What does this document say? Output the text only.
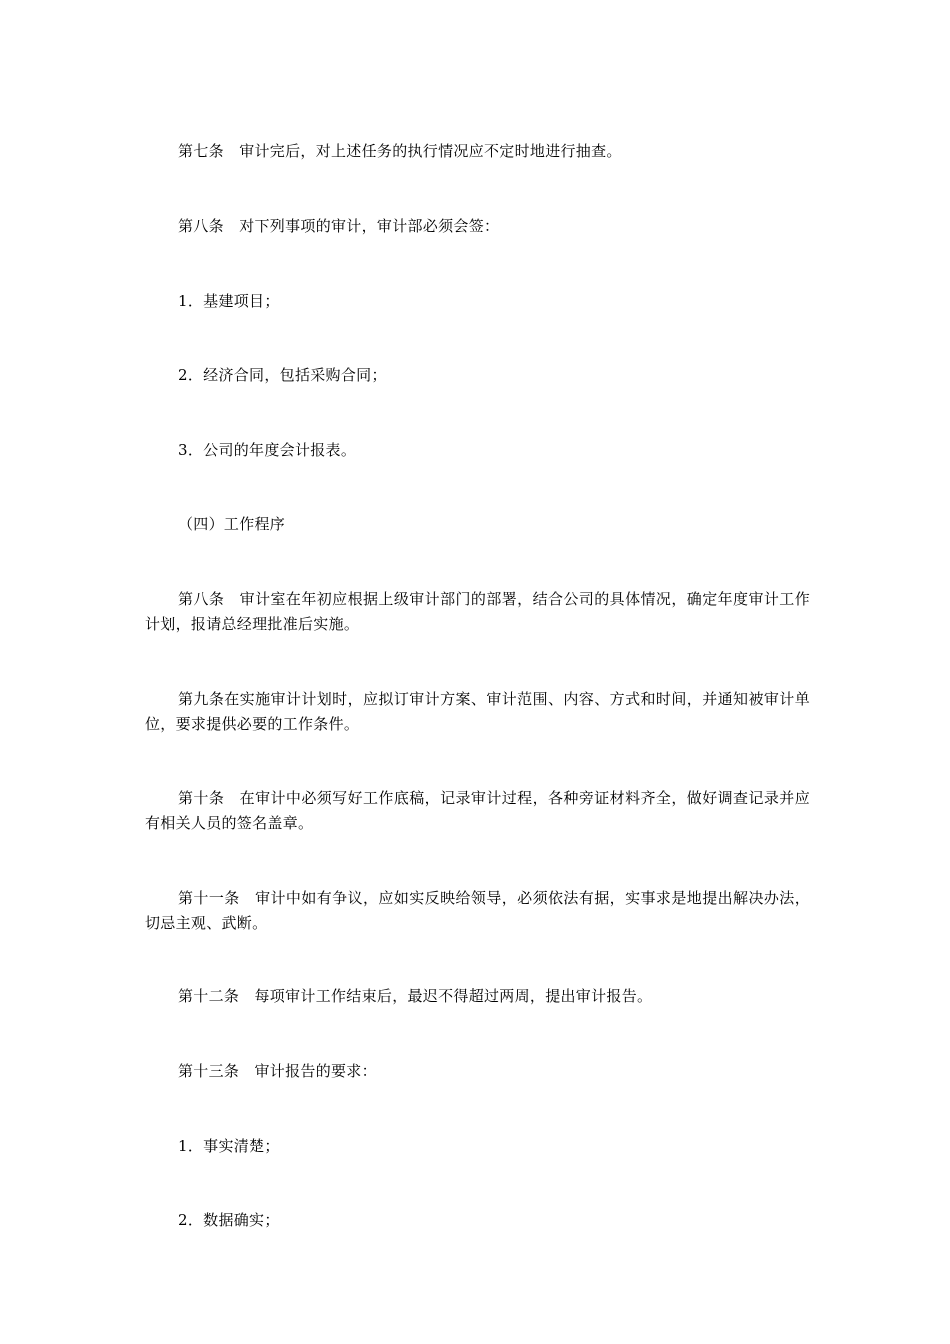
第七条　审计完后，对上述任务的执行情况应不定时地进行抽查。

第八条　对下列事项的审计，审计部必须会签：

1．基建项目；

2．经济合同，包括采购合同；

3．公司的年度会计报表。

（四）工作程序

第八条　审计室在年初应根据上级审计部门的部署，结合公司的具体情况，确定年度审计工作计划，报请总经理批准后实施。

第九条在实施审计计划时，应拟订审计方案、审计范围、内容、方式和时间，并通知被审计单位，要求提供必要的工作条件。

第十条　在审计中必须写好工作底稿，记录审计过程，各种旁证材料齐全，做好调查记录并应有相关人员的签名盖章。

第十一条　审计中如有争议，应如实反映给领导，必须依法有据，实事求是地提出解决办法，切忌主观、武断。

第十二条　每项审计工作结束后，最迟不得超过两周，提出审计报告。

第十三条　审计报告的要求：

1．事实清楚；

2．数据确实；
